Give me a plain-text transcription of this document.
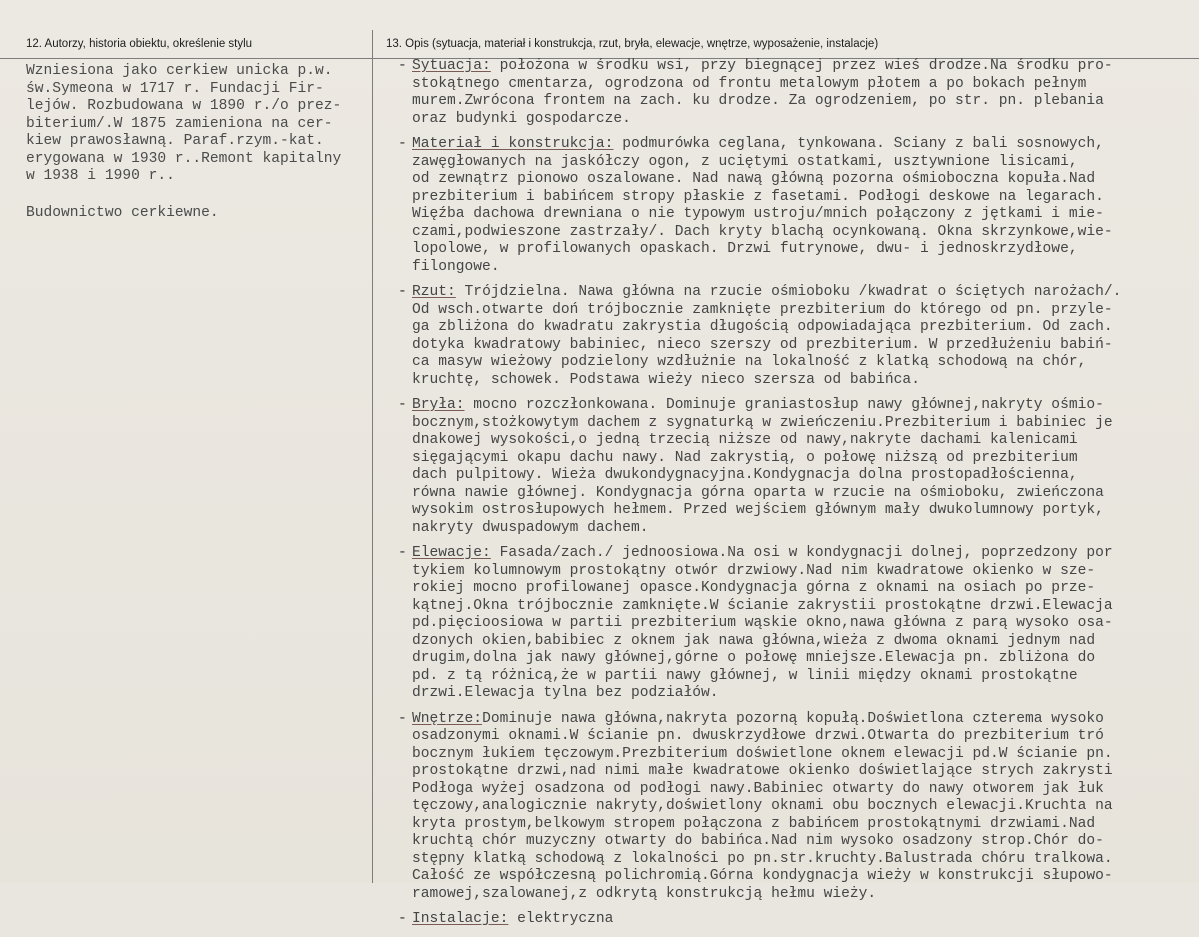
12. Autorzy, historia obiektu, określenie stylu	13. Opis (sytuacja, materiał i konstrukcja, rzut, bryła, elewacje, wnętrze, wyposażenie, instalacje)
Wzniesiona jako cerkiew unicka p.w.
św.Symeona w 1717 r. Fundacji Fir-
lejów. Rozbudowana w 1890 r./o prez-
biterium/.W 1875 zamieniona na cer-
kiew prawosławną. Paraf.rzym.-kat.
erygowana w 1930 r..Remont kapitalny
w 1938 i 1990 r..
Budownictwo cerkiewne.
- Sytuacja: położona w środku wsi, przy biegnącej przez wieś drodze.Na środku pro-
stokątnego cmentarza, ogrodzona od frontu metalowym płotem a po bokach pełnym
murem.Zwrócona frontem na zach. ku drodze. Za ogrodzeniem, po str. pn. plebania
oraz budynki gospodarcze.
- Materiał i konstrukcja: podmurówka ceglana, tynkowana. Ściany z bali sosnowych,
zawęgłowanych na jaskółczy ogon, z uciętymi ostatkami, usztywnione lisicami,
od zewnątrz pionowo oszalowane. Nad nawą główną pozorna ośmioboczna kopuła.Nad
prezbiterium i babińcem stropy płaskie z fasetami. Podłogi deskowe na legarach.
Więźba dachowa drewniana o nie typowym ustroju/mnich połączony z jętkami i mie-
czami,podwieszone zastrzały/. Dach kryty blachą ocynkowaną. Okna skrzynkowe,wie-
lopolowe, w profilowanych opaskach. Drzwi futrynowe, dwu- i jednoskrzydłowe,
filongowe.
- Rzut: Trójdzielna. Nawa główna na rzucie ośmioboku /kwadrat o ściętych narożach/.
Od wsch.otwarte doń trójbocznie zamknięte prezbiterium do którego od pn. przyle-
ga zbliżona do kwadratu zakrystia długością odpowiadająca prezbiterium. Od zach.
dotyka kwadratowy babiniec, nieco szerszy od prezbiterium. W przedłużeniu babiń-
ca masyw wieżowy podzielony wzdłużnie na lokalność z klatką schodową na chór,
kruchtę, schowek. Podstawa wieży nieco szersza od babińca.
- Bryła: mocno rozczłonkowana. Dominuje graniastosłup nawy głównej,nakryty ośmio-
bocznym,stożkowytym dachem z sygnaturką w zwieńczeniu.Prezbiterium i babiniec je
dnakowej wysokości,o jedną trzecią niższe od nawy,nakryte dachami kalenicami
sięgającymi okapu dachu nawy. Nad zakrystią, o połowę niższą od prezbiterium
dach pulpitowy. Wieża dwukondygnacyjna.Kondygnacja dolna prostopadłościenna,
równa nawie głównej. Kondygnacja górna oparta w rzucie na ośmioboku, zwieńczona
wysokim ostrosłupowych hełmem. Przed wejściem głównym mały dwukolumnowy portyk,
nakryty dwuspadowym dachem.
- Elewacje: Fasada/zach./ jednoosiowa.Na osi w kondygnacji dolnej, poprzedzony por
tykiem kolumnowym prostokątny otwór drzwiowy.Nad nim kwadratowe okienko w sze-
rokiej mocno profilowanej opasce.Kondygnacja górna z oknami na osiach po prze-
kątnej.Okna trójbocznie zamknięte.W ścianie zakrystii prostokątne drzwi.Elewacja
pd.pięcioosiowa w partii prezbiterium wąskie okno,nawa główna z parą wysoko osa-
dzonych okien,babibiec z oknem jak nawa główna,wieża z dwoma oknami jednym nad
drugim,dolna jak nawy głównej,górne o połowę mniejsze.Elewacja pn. zbliżona do
pd. z tą różnicą,że w partii nawy głównej, w linii między oknami prostokątne
drzwi.Elewacja tylna bez podziałów.
- Wnętrze:Dominuje nawa główna,nakryta pozorną kopułą.Doświetlona czterema wysoko
osadzonymi oknami.W ścianie pn. dwuskrzydłowe drzwi.Otwarta do prezbiterium tró
bocznym łukiem tęczowym.Prezbiterium doświetlone oknem elewacji pd.W ścianie pn.
prostokątne drzwi,nad nimi małe kwadratowe okienko doświetlające strych zakrysti
Podłoga wyżej osadzona od podłogi nawy.Babiniec otwarty do nawy otworem jak łuk
tęczowy,analogicznie nakryty,doświetlony oknami obu bocznych elewacji.Kruchta na
kryta prostym,belkowym stropem połączona z babińcem prostokątnymi drzwiami.Nad
kruchtą chór muzyczny otwarty do babińca.Nad nim wysoko osadzony strop.Chór do-
stępny klatką schodową z lokalności po pn.str.kruchty.Balustrada chóru tralkowa.
Całość ze współczesną polichromią.Górna kondygnacja wieży w konstrukcji słupowo-
ramowej,szalowanej,z odkrytą konstrukcją hełmu wieży.
- Instalacje: elektryczna
